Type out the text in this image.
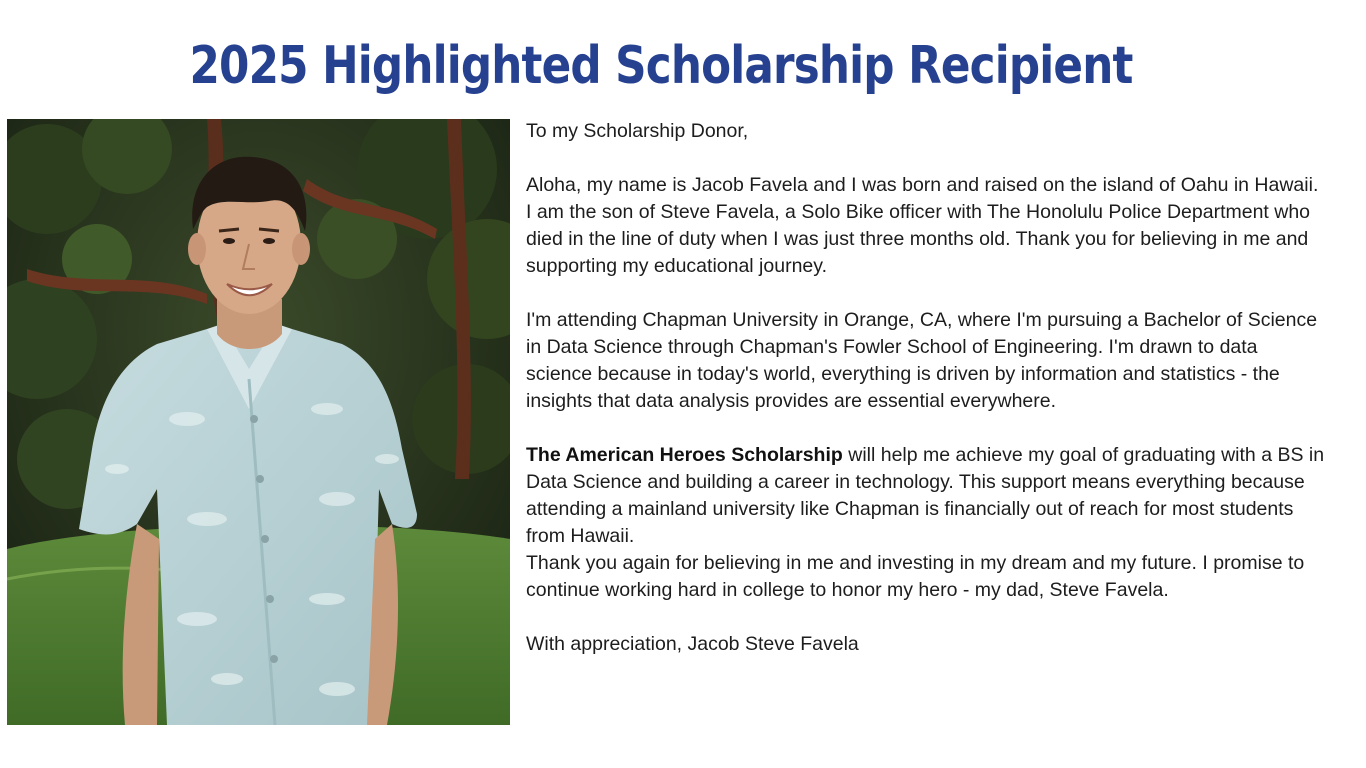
2025 Highlighted Scholarship Recipient

To my Scholarship Donor,

Aloha, my name is Jacob Favela and I was born and raised on the island of Oahu in Hawaii. I am the son of Steve Favela, a Solo Bike officer with The Honolulu Police Department who died in the line of duty when I was just three months old. Thank you for believing in me and supporting my educational journey.

I'm attending Chapman University in Orange, CA, where I'm pursuing a Bachelor of Science in Data Science through Chapman's Fowler School of Engineering. I'm drawn to data science because in today's world, everything is driven by information and statistics - the insights that data analysis provides are essential everywhere.

The American Heroes Scholarship will help me achieve my goal of graduating with a BS in Data Science and building a career in technology. This support means everything because attending a mainland university like Chapman is financially out of reach for most students from Hawaii.

Thank you again for believing in me and investing in my dream and my future. I promise to continue working hard in college to honor my hero - my dad, Steve Favela.

With appreciation, Jacob Steve Favela
